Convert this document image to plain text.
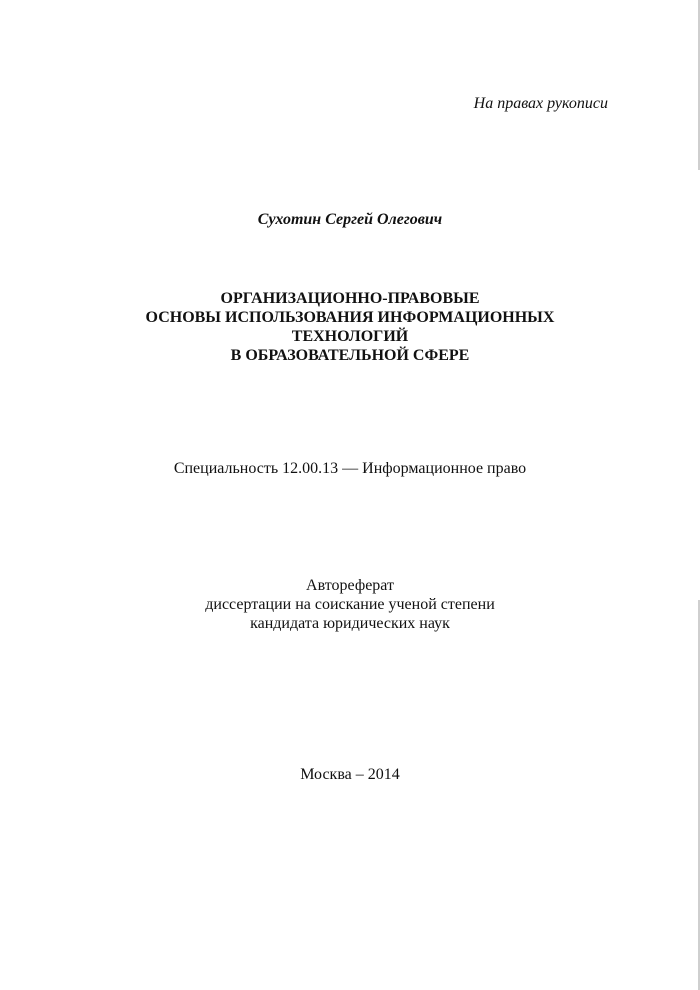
На правах рукописи
Сухотин Сергей Олегович
ОРГАНИЗАЦИОННО-ПРАВОВЫЕ
ОСНОВЫ ИСПОЛЬЗОВАНИЯ ИНФОРМАЦИОННЫХ
ТЕХНОЛОГИЙ
В ОБРАЗОВАТЕЛЬНОЙ СФЕРЕ
Специальность 12.00.13 — Информационное право
Автореферат
диссертации на соискание ученой степени
кандидата юридических наук
Москва – 2014
